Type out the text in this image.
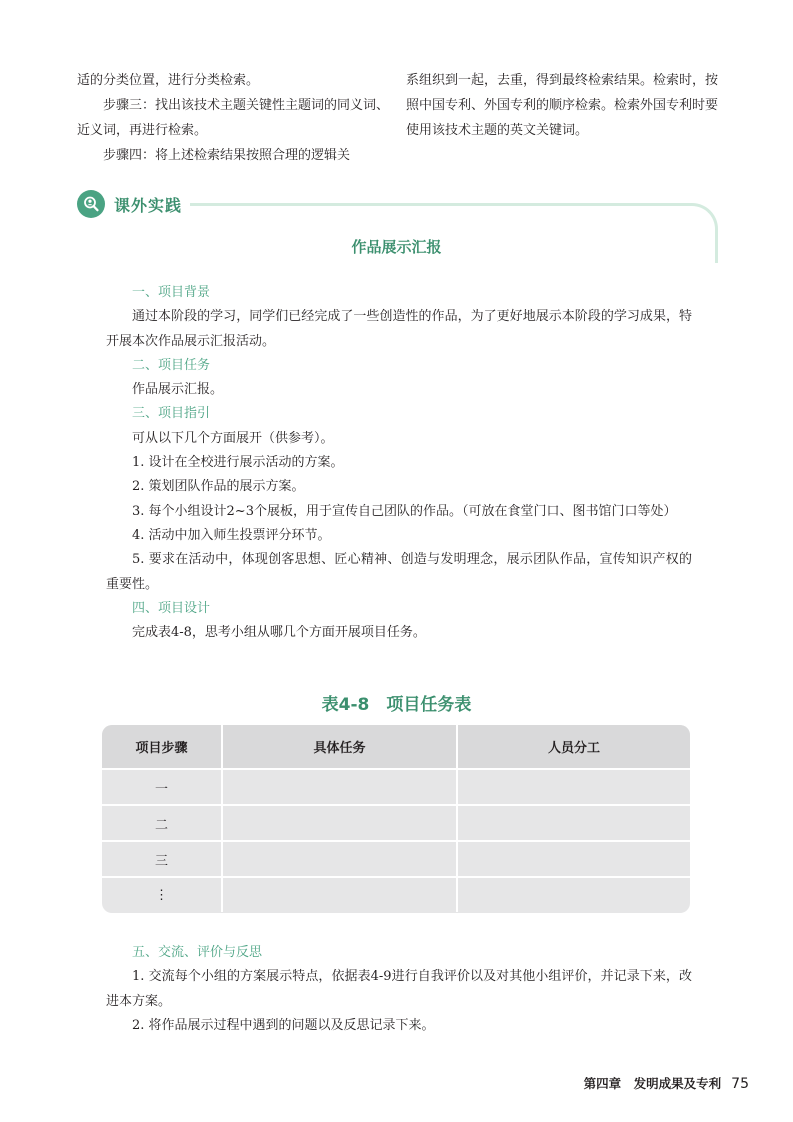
适的分类位置，进行分类检索。

步骤三：找出该技术主题关键性主题词的同义词、近义词，再进行检索。

步骤四：将上述检索结果按照合理的逻辑关

系组织到一起，去重，得到最终检索结果。检索时，按照中国专利、外国专利的顺序检索。检索外国专利时要使用该技术主题的英文关键词。

课外实践
作品展示汇报

一、项目背景

通过本阶段的学习，同学们已经完成了一些创造性的作品，为了更好地展示本阶段的学习成果，特开展本次作品展示汇报活动。

二、项目任务

作品展示汇报。

三、项目指引

可从以下几个方面展开（供参考）。

1. 设计在全校进行展示活动的方案。

2. 策划团队作品的展示方案。

3. 每个小组设计2~3个展板，用于宣传自己团队的作品。（可放在食堂门口、图书馆门口等处）

4. 活动中加入师生投票评分环节。

5. 要求在活动中，体现创客思想、匠心精神、创造与发明理念，展示团队作品，宣传知识产权的重要性。

四、项目设计

完成表4-8，思考小组从哪几个方面开展项目任务。

表4-8　项目任务表
项目步骤	具体任务	人员分工
一
二
三
⋮

五、交流、评价与反思

1. 交流每个小组的方案展示特点，依据表4-9进行自我评价以及对其他小组评价，并记录下来，改进本方案。

2. 将作品展示过程中遇到的问题以及反思记录下来。

第四章　发明成果及专利 75
